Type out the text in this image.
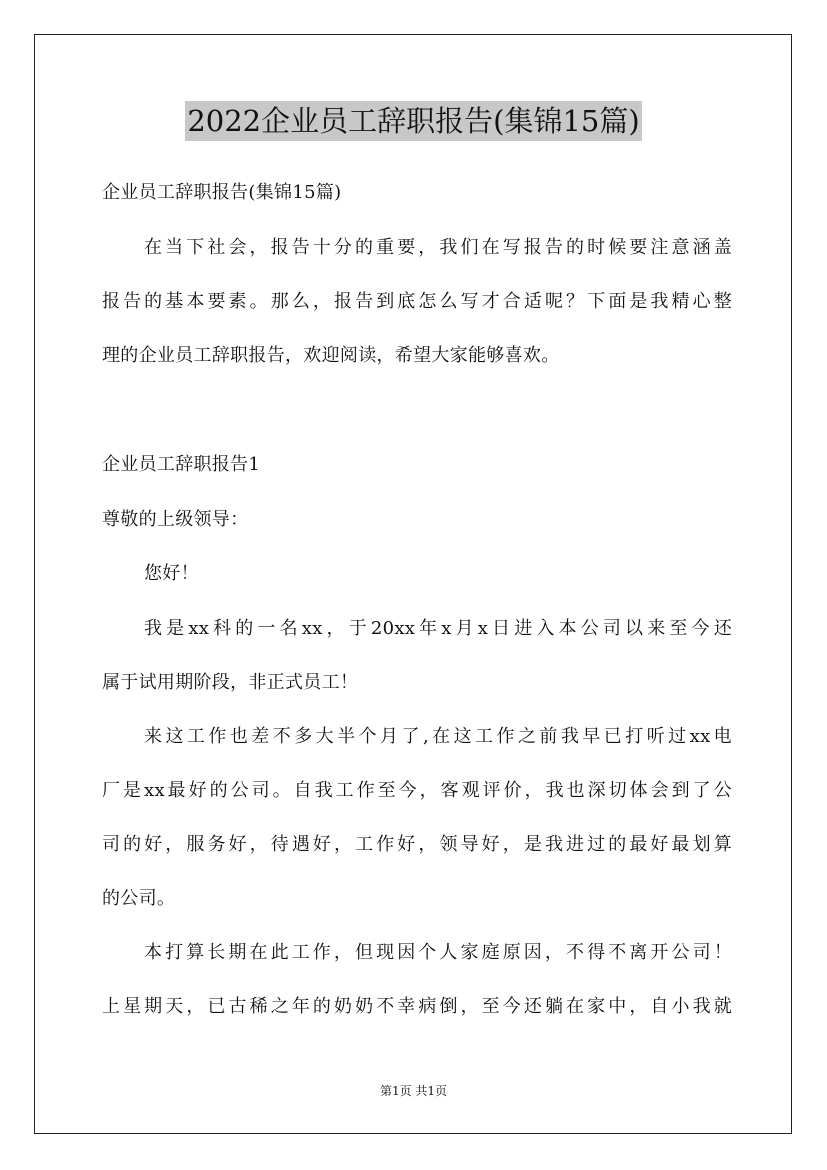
2022企业员工辞职报告(集锦15篇)
企业员工辞职报告(集锦15篇)
在当下社会，报告十分的重要，我们在写报告的时候要注意涵盖
报告的基本要素。那么，报告到底怎么写才合适呢？下面是我精心整
理的企业员工辞职报告，欢迎阅读，希望大家能够喜欢。
企业员工辞职报告1
尊敬的上级领导：
您好！
我是xx科的一名xx，于20xx年x月x日进入本公司以来至今还
属于试用期阶段，非正式员工！
来这工作也差不多大半个月了,在这工作之前我早已打听过xx电
厂是xx最好的公司。自我工作至今，客观评价，我也深切体会到了公
司的好，服务好，待遇好，工作好，领导好，是我进过的最好最划算
的公司。
本打算长期在此工作，但现因个人家庭原因，不得不离开公司！
上星期天，已古稀之年的奶奶不幸病倒，至今还躺在家中，自小我就
第1页 共1页
